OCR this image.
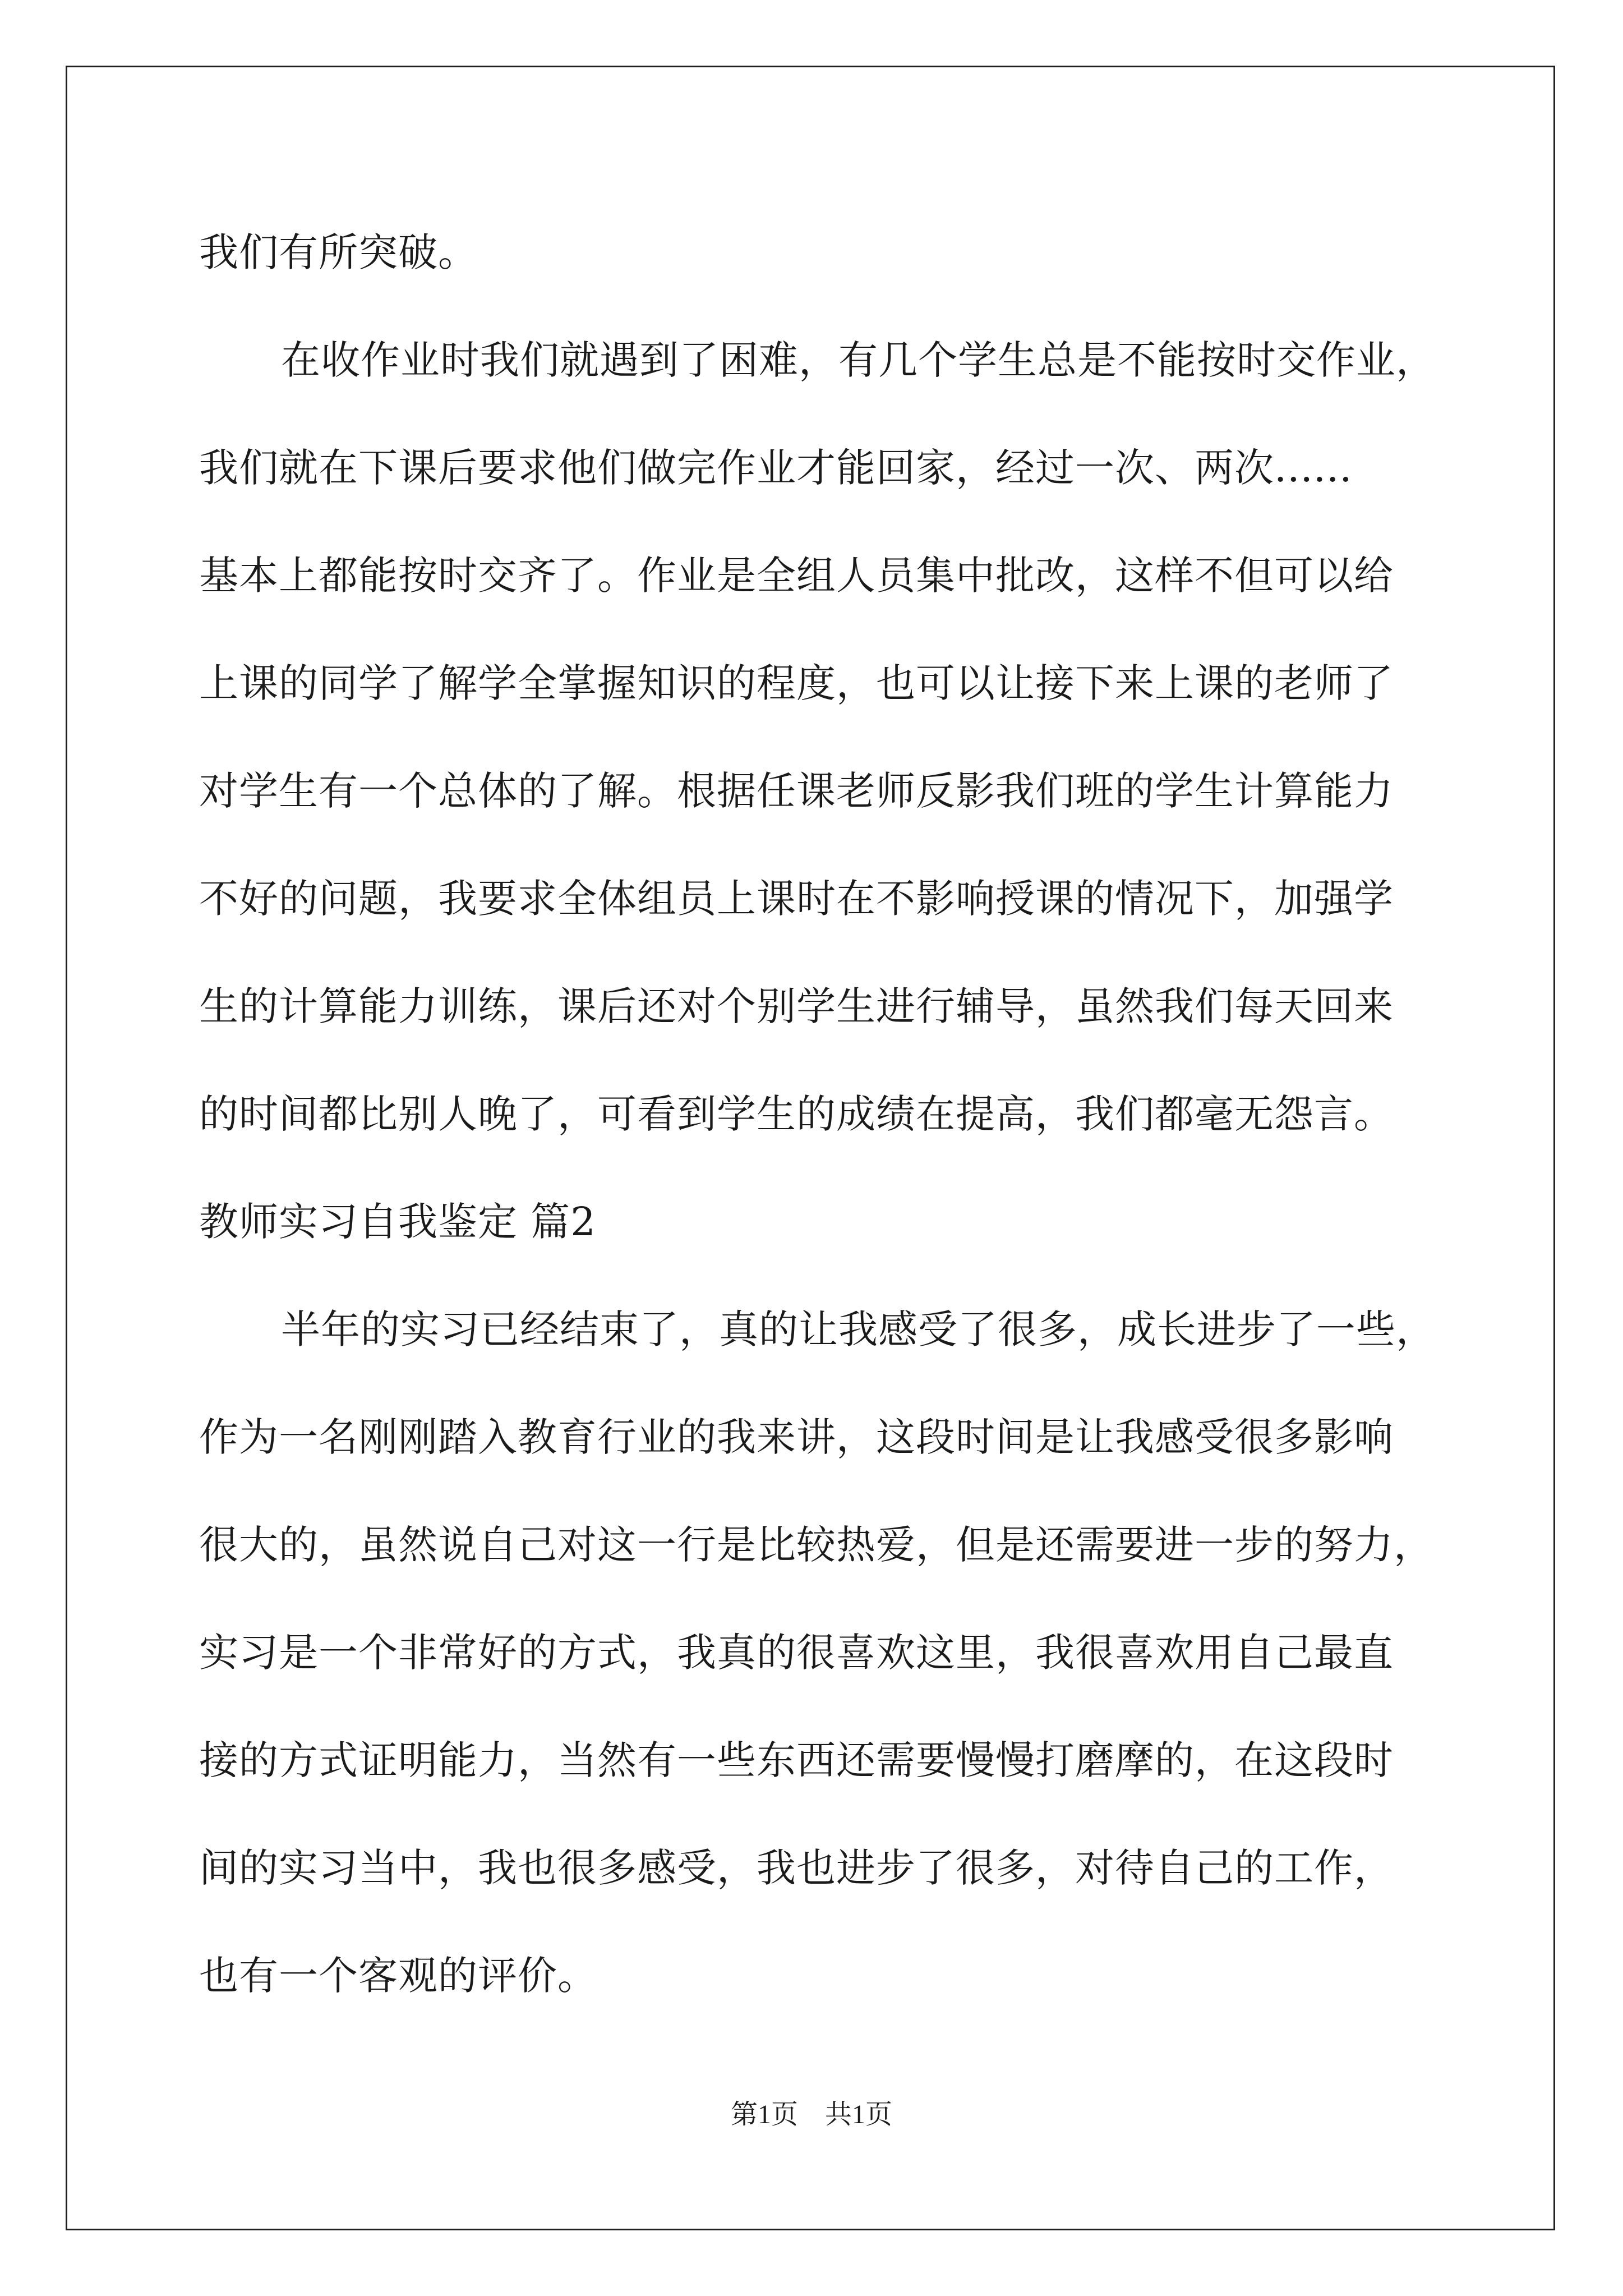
我们有所突破。
在收作业时我们就遇到了困难，有几个学生总是不能按时交作业，
我们就在下课后要求他们做完作业才能回家，经过一次、两次......
基本上都能按时交齐了。作业是全组人员集中批改，这样不但可以给
上课的同学了解学全掌握知识的程度，也可以让接下来上课的老师了
对学生有一个总体的了解。根据任课老师反影我们班的学生计算能力
不好的问题，我要求全体组员上课时在不影响授课的情况下，加强学
生的计算能力训练，课后还对个别学生进行辅导，虽然我们每天回来
的时间都比别人晚了，可看到学生的成绩在提高，我们都毫无怨言。
教师实习自我鉴定 篇2
半年的实习已经结束了，真的让我感受了很多，成长进步了一些，
作为一名刚刚踏入教育行业的我来讲，这段时间是让我感受很多影响
很大的，虽然说自己对这一行是比较热爱，但是还需要进一步的努力，
实习是一个非常好的方式，我真的很喜欢这里，我很喜欢用自己最直
接的方式证明能力，当然有一些东西还需要慢慢打磨摩的，在这段时
间的实习当中，我也很多感受，我也进步了很多，对待自己的工作，
也有一个客观的评价。
第1页 共1页
